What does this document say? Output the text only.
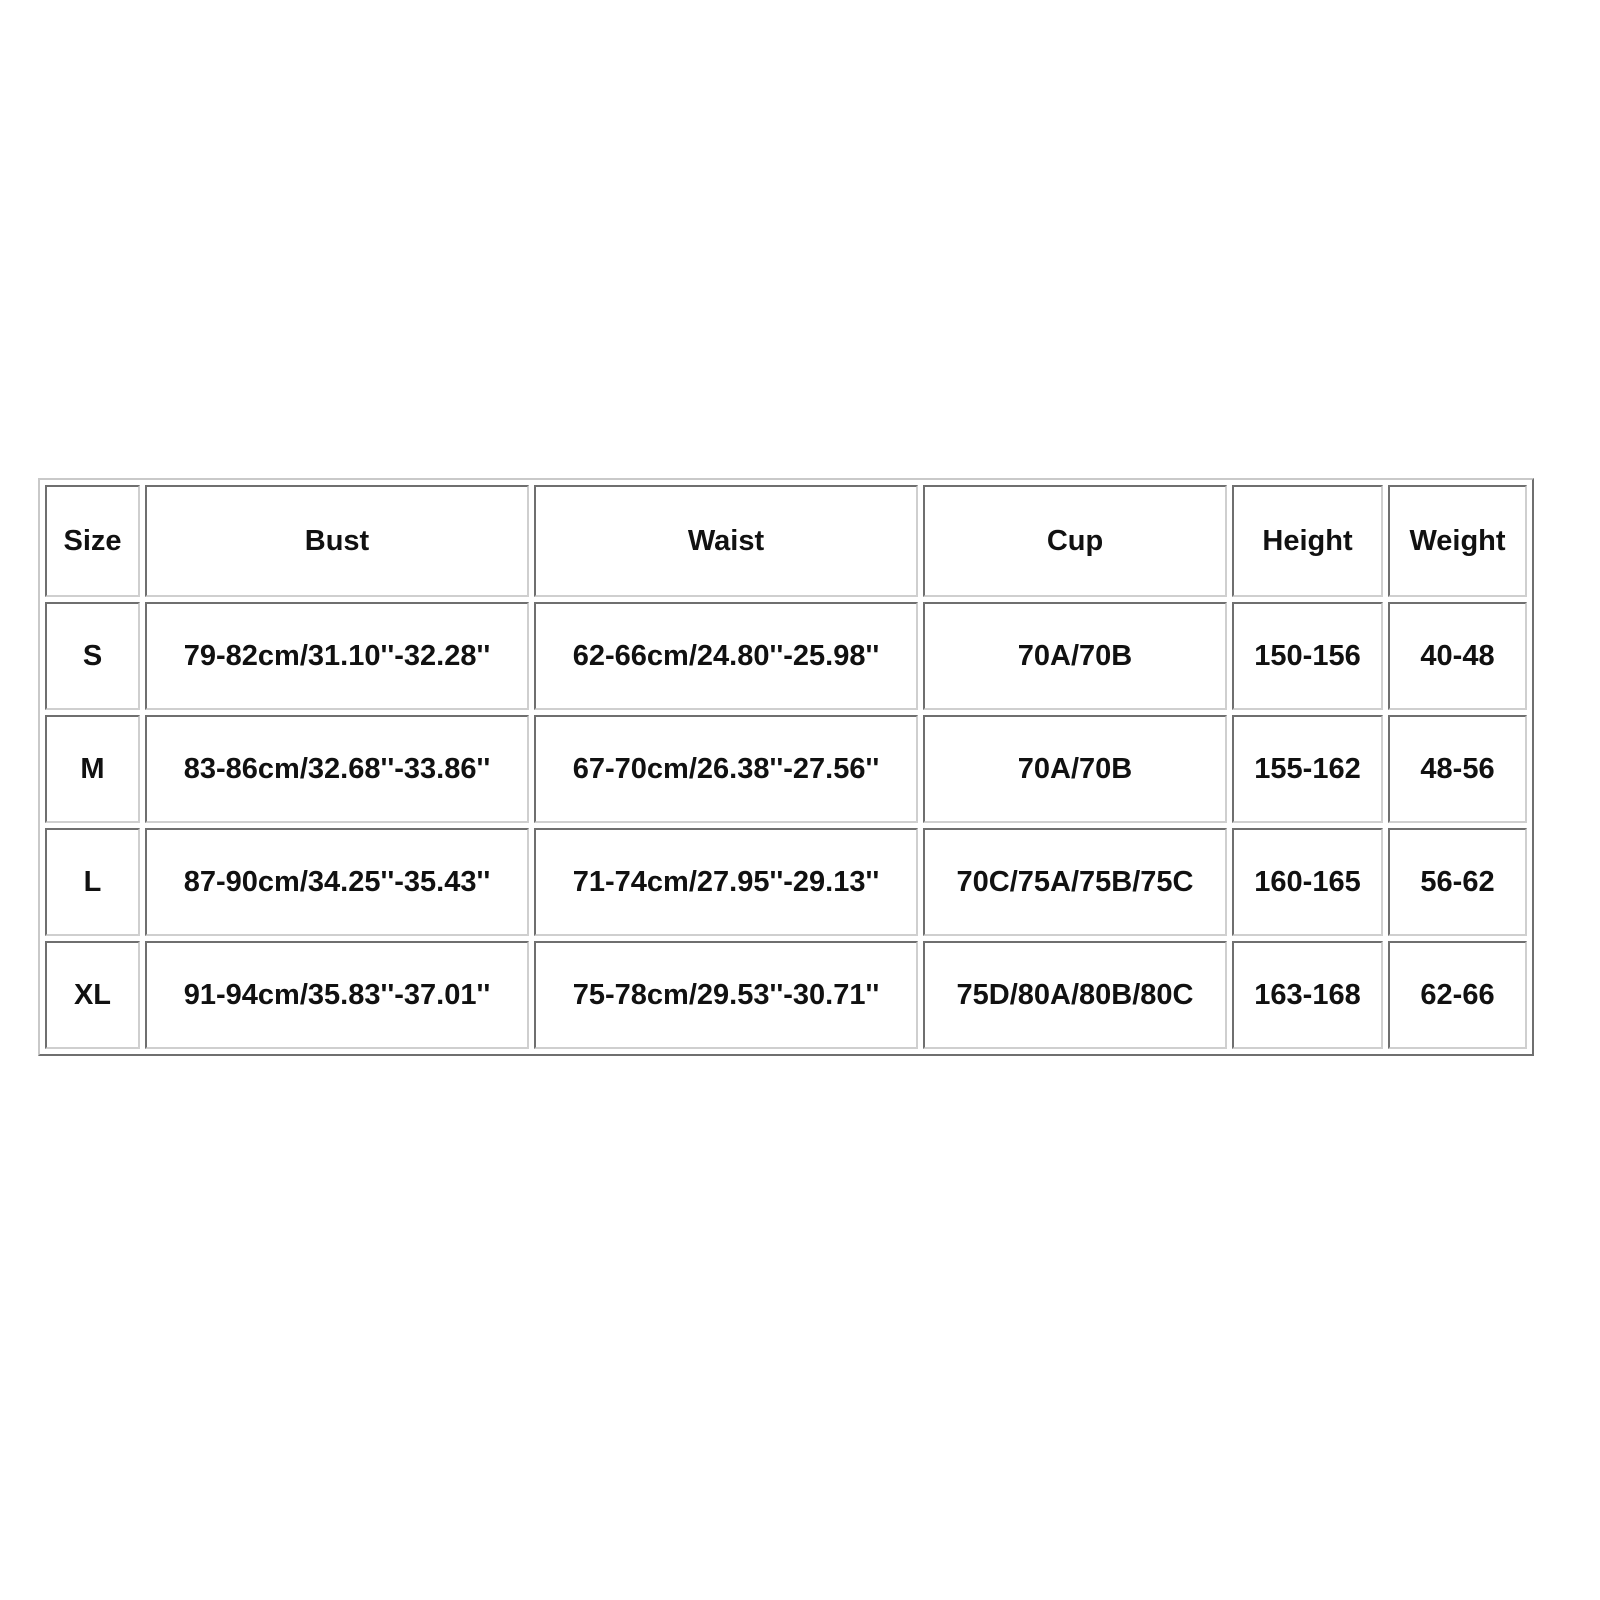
Size	Bust	Waist	Cup	Height	Weight
S	79-82cm/31.10''-32.28''	62-66cm/24.80''-25.98''	70A/70B	150-156	40-48
M	83-86cm/32.68''-33.86''	67-70cm/26.38''-27.56''	70A/70B	155-162	48-56
L	87-90cm/34.25''-35.43''	71-74cm/27.95''-29.13''	70C/75A/75B/75C	160-165	56-62
XL	91-94cm/35.83''-37.01''	75-78cm/29.53''-30.71''	75D/80A/80B/80C	163-168	62-66
